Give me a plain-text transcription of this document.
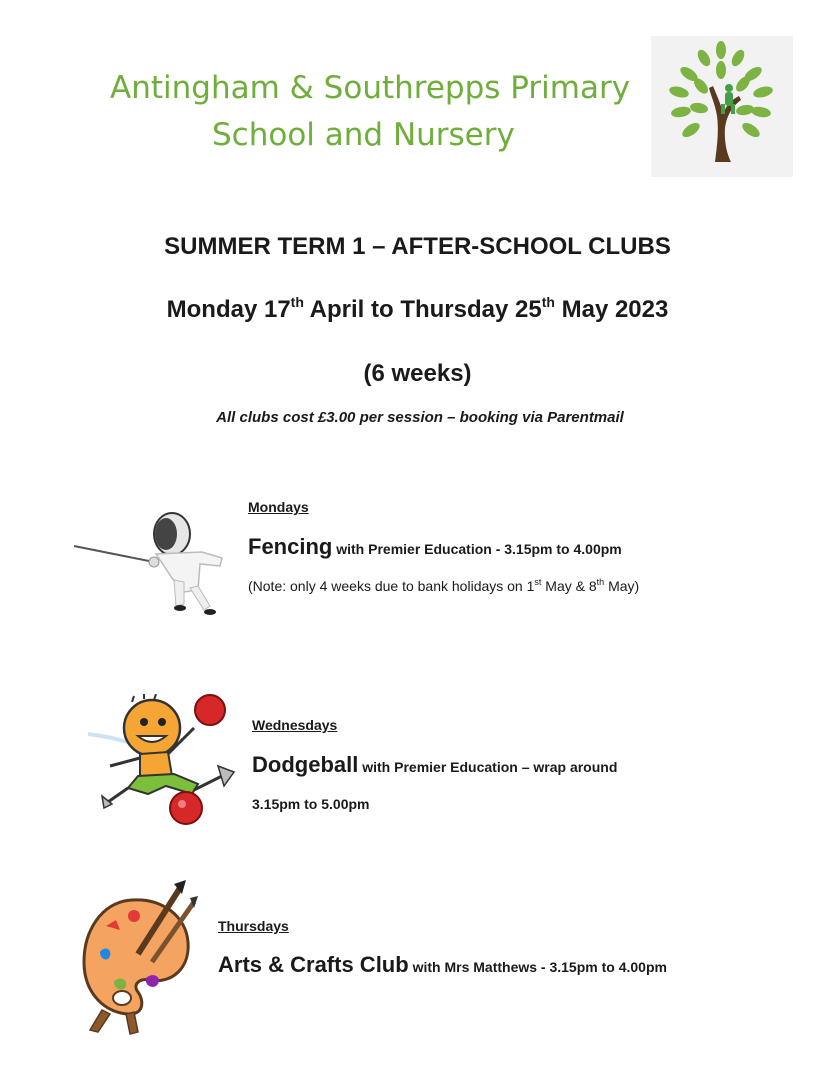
Antingham & Southrepps Primary
School and Nursery
SUMMER TERM 1 – AFTER-SCHOOL CLUBS
Monday 17th April to Thursday 25th May 2023
(6 weeks)
All clubs cost £3.00 per session – booking via Parentmail
Mondays
Fencing with Premier Education - 3.15pm to 4.00pm
(Note: only 4 weeks due to bank holidays on 1st May & 8th May)
Wednesdays
Dodgeball with Premier Education – wrap around
3.15pm to 5.00pm
Thursdays
Arts & Crafts Club with Mrs Matthews - 3.15pm to 4.00pm
